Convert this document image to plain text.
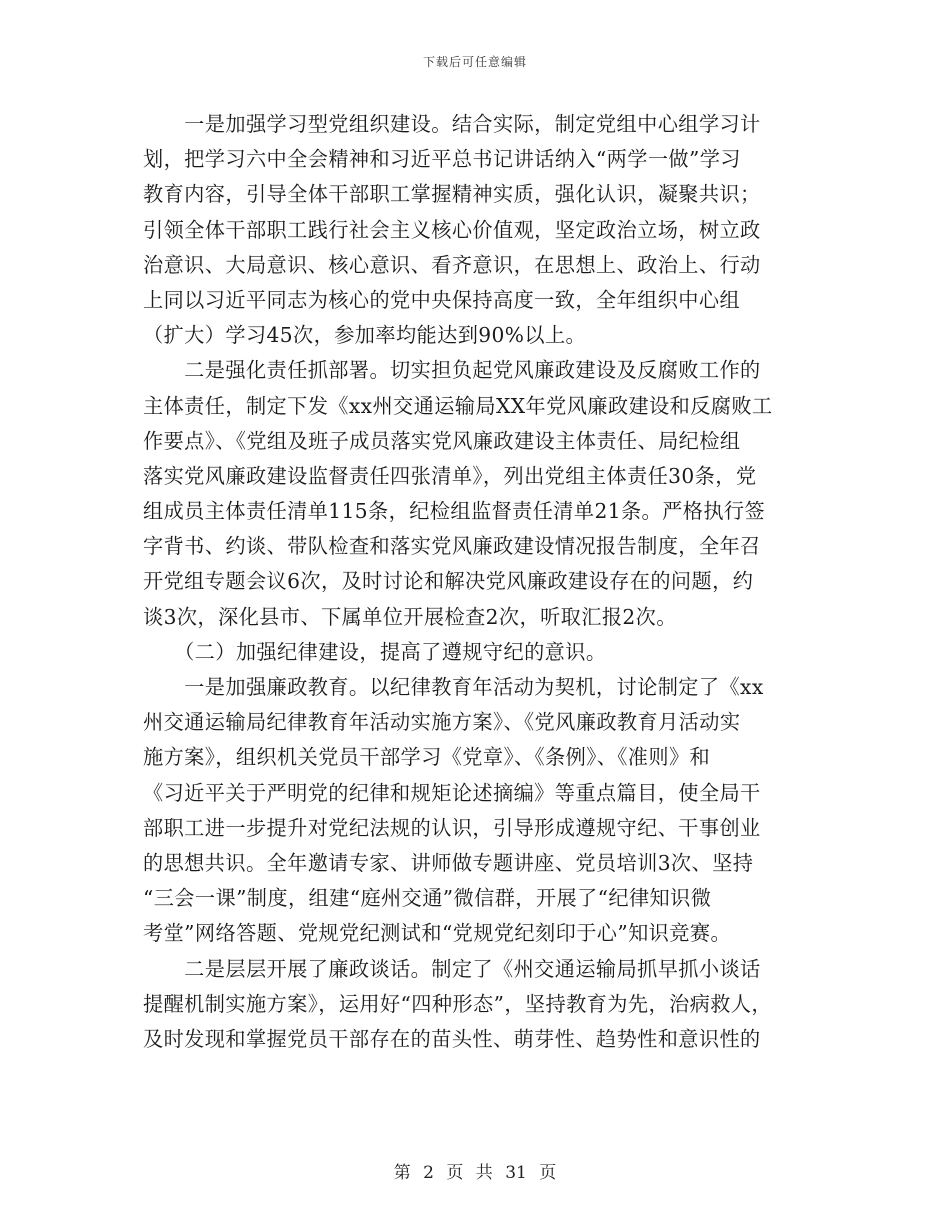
下载后可任意编辑
　　一是加强学习型党组织建设。结合实际，制定党组中心组学习计
划，把学习六中全会精神和习近平总书记讲话纳入“两学一做”学习
教育内容，引导全体干部职工掌握精神实质，强化认识，凝聚共识；
引领全体干部职工践行社会主义核心价值观，坚定政治立场，树立政
治意识、大局意识、核心意识、看齐意识，在思想上、政治上、行动
上同以习近平同志为核心的党中央保持高度一致，全年组织中心组
（扩大）学习45次，参加率均能达到90%以上。
　　二是强化责任抓部署。切实担负起党风廉政建设及反腐败工作的
主体责任，制定下发《xx州交通运输局XX年党风廉政建设和反腐败工
作要点》、《党组及班子成员落实党风廉政建设主体责任、局纪检组
落实党风廉政建设监督责任四张清单》，列出党组主体责任30条，党
组成员主体责任清单115条，纪检组监督责任清单21条。严格执行签
字背书、约谈、带队检查和落实党风廉政建设情况报告制度，全年召
开党组专题会议6次，及时讨论和解决党风廉政建设存在的问题，约
谈3次，深化县市、下属单位开展检查2次，听取汇报2次。
　　（二）加强纪律建设，提高了遵规守纪的意识。
　　一是加强廉政教育。以纪律教育年活动为契机，讨论制定了《xx
州交通运输局纪律教育年活动实施方案》、《党风廉政教育月活动实
施方案》，组织机关党员干部学习《党章》、《条例》、《准则》和
《习近平关于严明党的纪律和规矩论述摘编》等重点篇目，使全局干
部职工进一步提升对党纪法规的认识，引导形成遵规守纪、干事创业
的思想共识。全年邀请专家、讲师做专题讲座、党员培训3次、坚持
“三会一课”制度，组建“庭州交通”微信群，开展了“纪律知识微
考堂”网络答题、党规党纪测试和“党规党纪刻印于心”知识竞赛。
　　二是层层开展了廉政谈话。制定了《州交通运输局抓早抓小谈话
提醒机制实施方案》，运用好“四种形态”，坚持教育为先，治病救人，
及时发现和掌握党员干部存在的苗头性、萌芽性、趋势性和意识性的
第 2 页 共 31 页
